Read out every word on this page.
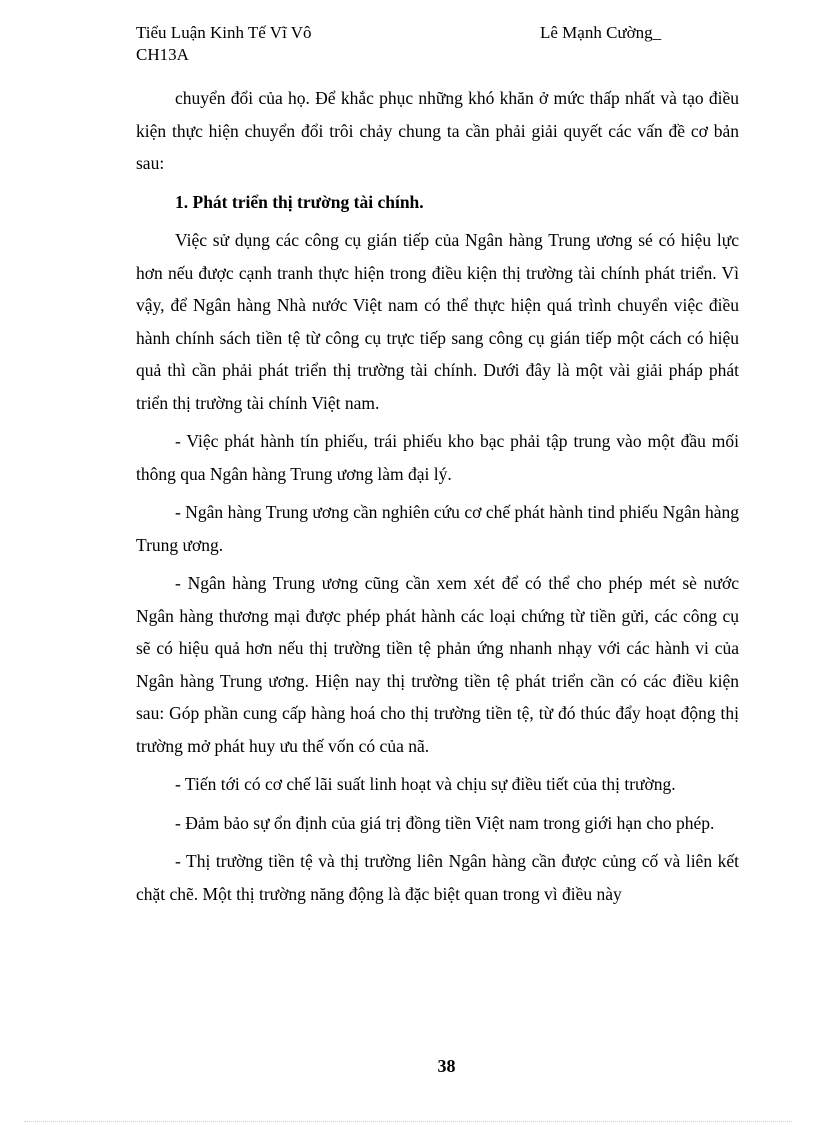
Tiểu Luận Kinh Tế Vĩ Vô CH13A
Lê Mạnh Cường_

chuyển đổi của họ. Để khắc phục những khó khăn ở mức thấp nhất và tạo điều kiện thực hiện chuyển đổi trôi chảy chung ta cần phải giải quyết các vấn đề cơ bản sau:

1. Phát triển thị trường tài chính.

Việc sử dụng các công cụ gián tiếp của Ngân hàng Trung ương sé có hiệu lực hơn nếu được cạnh tranh thực hiện trong điều kiện thị trường tài chính phát triển. Vì vậy, để Ngân hàng Nhà nước Việt nam có thể thực hiện quá trình chuyển việc điều hành chính sách tiền tệ từ công cụ trực tiếp sang công cụ gián tiếp một cách có hiệu quả thì cần phải phát triển thị trường tài chính. Dưới đây là một vài giải pháp phát triển thị trường tài chính Việt nam.

- Việc phát hành tín phiếu, trái phiếu kho bạc phải tập trung vào một đầu mối thông qua Ngân hàng Trung ương làm đại lý.

- Ngân hàng Trung ương cần nghiên cứu cơ chế phát hành tind phiếu Ngân hàng Trung ương.

- Ngân hàng Trung ương cũng cần xem xét để có thể cho phép mét sè nước Ngân hàng thương mại được phép phát hành các loại chứng từ tiền gửi, các công cụ sẽ có hiệu quả hơn nếu thị trường tiền tệ phản ứng nhanh nhạy với các hành vi của Ngân hàng Trung ương. Hiện nay thị trường tiền tệ phát triển cần có các điều kiện sau: Góp phần cung cấp hàng hoá cho thị trường tiền tệ, từ đó thúc đẩy hoạt động thị trường mở phát huy ưu thế vốn có của nã.

- Tiến tới có cơ chế lãi suất linh hoạt và chịu sự điều tiết của thị trường.

- Đảm bảo sự ổn định của giá trị đồng tiền Việt nam trong giới hạn cho phép.

- Thị trường tiền tệ và thị trường liên Ngân hàng cần được củng cố và liên kết chặt chẽ. Một thị trường năng động là đặc biệt quan trong vì điều này

38
